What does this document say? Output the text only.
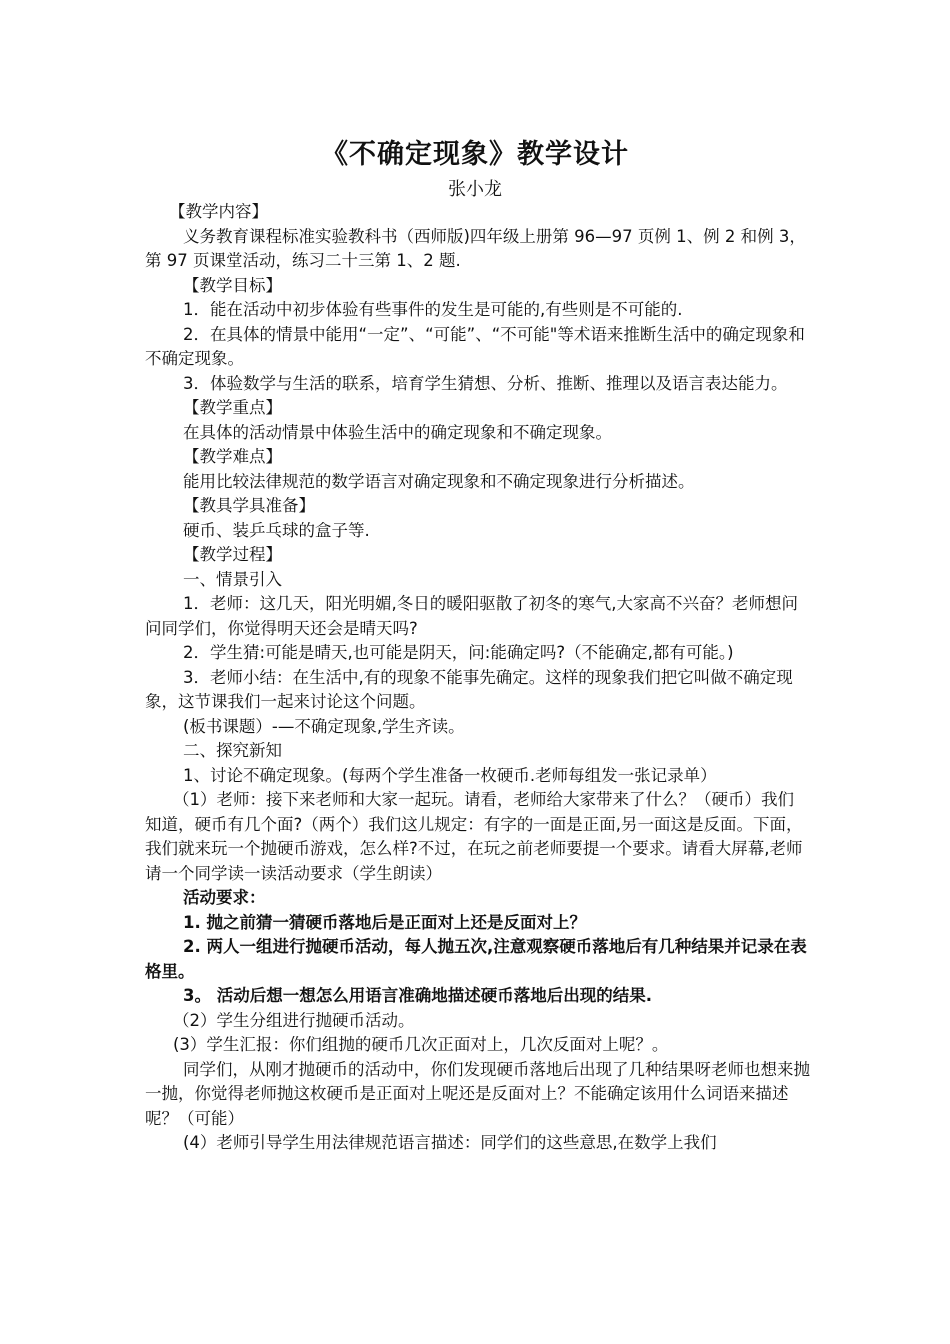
《不确定现象》教学设计
张小龙

【教学内容】

义务教育课程标准实验教科书（西师版)四年级上册第 96—97 页例 1、例 2 和例 3，第 97 页课堂活动，练习二十三第 1、2 题.

【教学目标】

1．能在活动中初步体验有些事件的发生是可能的,有些则是不可能的.

2．在具体的情景中能用“一定”、“可能”、“不可能"等术语来推断生活中的确定现象和不确定现象。

3．体验数学与生活的联系，培育学生猜想、分析、推断、推理以及语言表达能力。

【教学重点】

在具体的活动情景中体验生活中的确定现象和不确定现象。

【教学难点】

能用比较法律规范的数学语言对确定现象和不确定现象进行分析描述。

【教具学具准备】

硬币、装乒乓球的盒子等.

【教学过程】

一、情景引入

1．老师：这几天，阳光明媚,冬日的暖阳驱散了初冬的寒气,大家高不兴奋？老师想问问同学们，你觉得明天还会是晴天吗?

2．学生猜:可能是晴天,也可能是阴天，问:能确定吗?（不能确定,都有可能。)

3．老师小结：在生活中,有的现象不能事先确定。这样的现象我们把它叫做不确定现象，这节课我们一起来讨论这个问题。

(板书课题）-—不确定现象,学生齐读。

二、探究新知

1、讨论不确定现象。(每两个学生准备一枚硬币.老师每组发一张记录单）

（1）老师：接下来老师和大家一起玩。请看，老师给大家带来了什么？（硬币）我们知道，硬币有几个面?（两个）我们这儿规定：有字的一面是正面,另一面这是反面。下面，我们就来玩一个抛硬币游戏，怎么样?不过，在玩之前老师要提一个要求。请看大屏幕,老师请一个同学读一读活动要求（学生朗读）

活动要求：

1. 抛之前猜一猜硬币落地后是正面对上还是反面对上？

2. 两人一组进行抛硬币活动，每人抛五次,注意观察硬币落地后有几种结果并记录在表格里。

3。 活动后想一想怎么用语言准确地描述硬币落地后出现的结果.

（2）学生分组进行抛硬币活动。

(3）学生汇报：你们组抛的硬币几次正面对上，几次反面对上呢？。

同学们，从刚才抛硬币的活动中，你们发现硬币落地后出现了几种结果呀老师也想来抛一抛，你觉得老师抛这枚硬币是正面对上呢还是反面对上？不能确定该用什么词语来描述呢？（可能）

(4）老师引导学生用法律规范语言描述：同学们的这些意思,在数学上我们
